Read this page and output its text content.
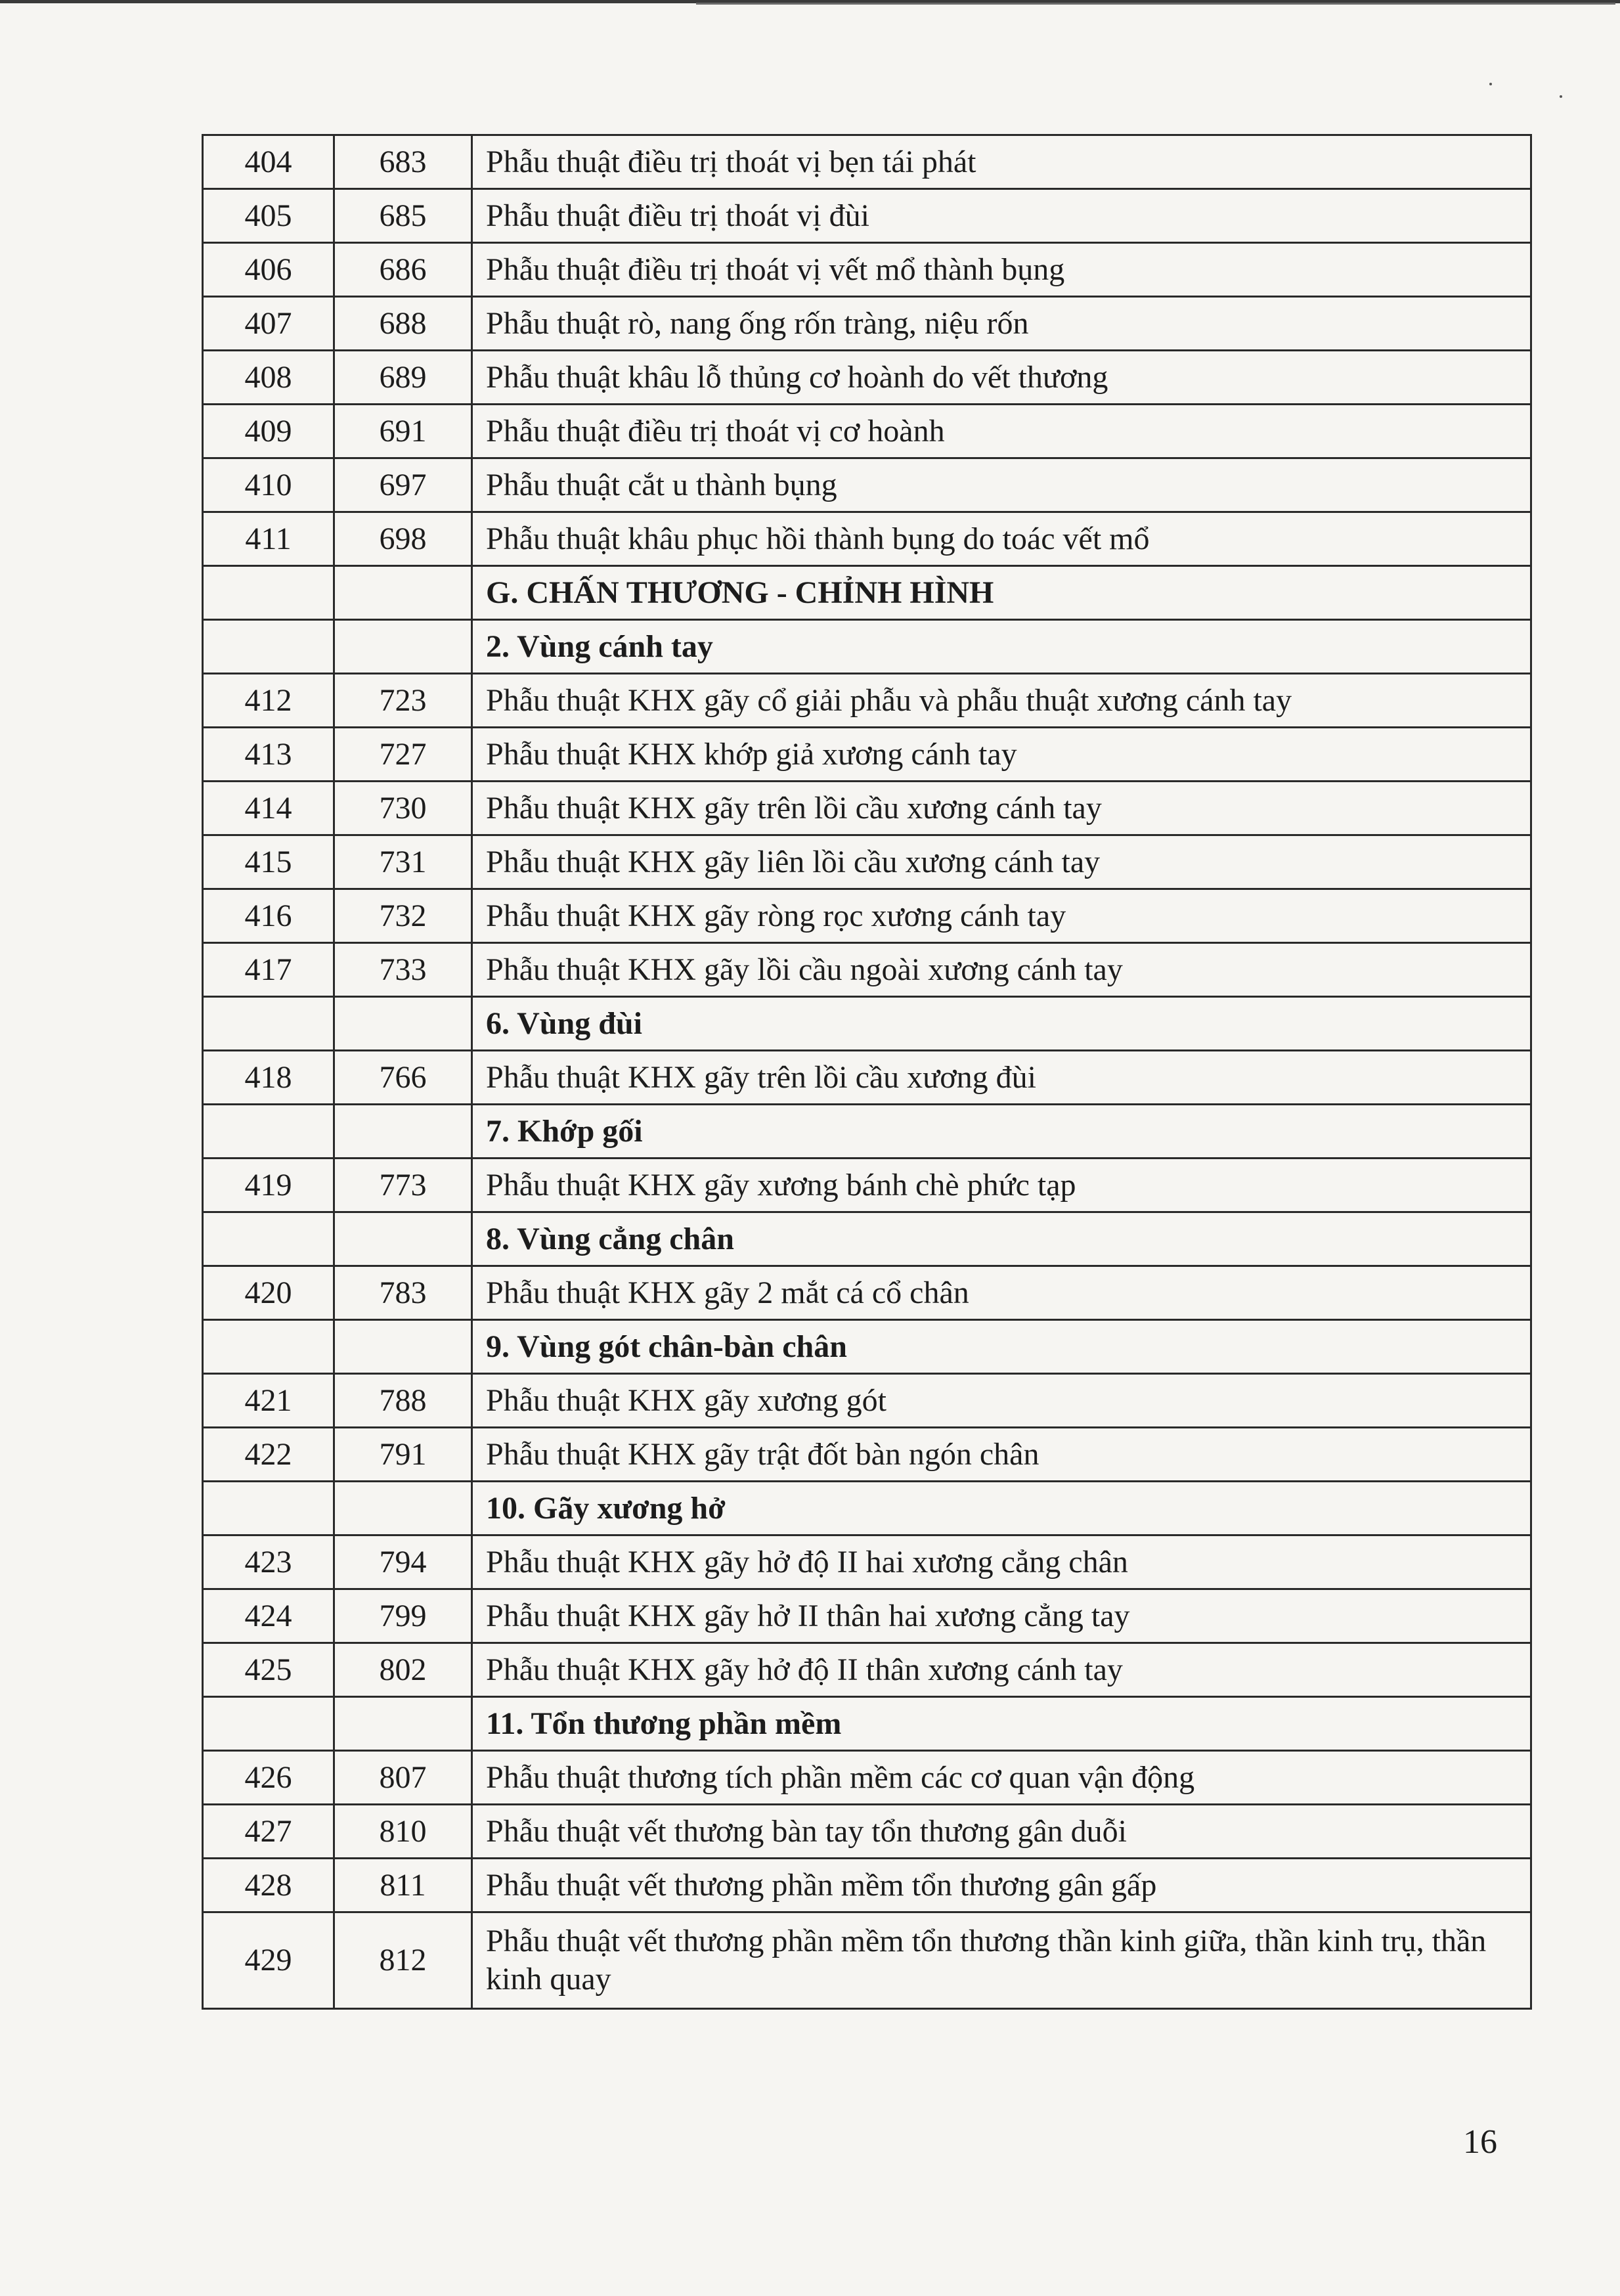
404	683	Phẫu thuật điều trị thoát vị bẹn tái phát
405	685	Phẫu thuật điều trị thoát vị đùi
406	686	Phẫu thuật điều trị thoát vị vết mổ thành bụng
407	688	Phẫu thuật rò, nang ống rốn tràng, niệu rốn
408	689	Phẫu thuật khâu lỗ thủng cơ hoành do vết thương
409	691	Phẫu thuật điều trị thoát vị cơ hoành
410	697	Phẫu thuật cắt u thành bụng
411	698	Phẫu thuật khâu phục hồi thành bụng do toác vết mổ
		G. CHẤN THƯƠNG - CHỈNH HÌNH
		2. Vùng cánh tay
412	723	Phẫu thuật KHX gãy cổ giải phẫu và phẫu thuật xương cánh tay
413	727	Phẫu thuật KHX khớp giả xương cánh tay
414	730	Phẫu thuật KHX gãy trên lồi cầu xương cánh tay
415	731	Phẫu thuật KHX gãy liên lồi cầu xương cánh tay
416	732	Phẫu thuật KHX gãy ròng rọc xương cánh tay
417	733	Phẫu thuật KHX gãy lồi cầu ngoài xương cánh tay
		6. Vùng đùi
418	766	Phẫu thuật KHX gãy trên lồi cầu xương đùi
		7. Khớp gối
419	773	Phẫu thuật KHX gãy xương bánh chè phức tạp
		8. Vùng cẳng chân
420	783	Phẫu thuật KHX gãy 2 mắt cá cổ chân
		9. Vùng gót chân-bàn chân
421	788	Phẫu thuật KHX gãy xương gót
422	791	Phẫu thuật KHX gãy trật đốt bàn ngón chân
		10. Gãy xương hở
423	794	Phẫu thuật KHX gãy hở độ II hai xương cẳng chân
424	799	Phẫu thuật KHX gãy hở II thân hai xương cẳng tay
425	802	Phẫu thuật KHX gãy hở độ II thân xương cánh tay
		11. Tổn thương phần mềm
426	807	Phẫu thuật thương tích phần mềm các cơ quan vận động
427	810	Phẫu thuật vết thương bàn tay tổn thương gân duỗi
428	811	Phẫu thuật vết thương phần mềm tổn thương gân gấp
429	812	Phẫu thuật vết thương phần mềm tổn thương thần kinh giữa, thần kinh trụ, thần kinh quay
16
